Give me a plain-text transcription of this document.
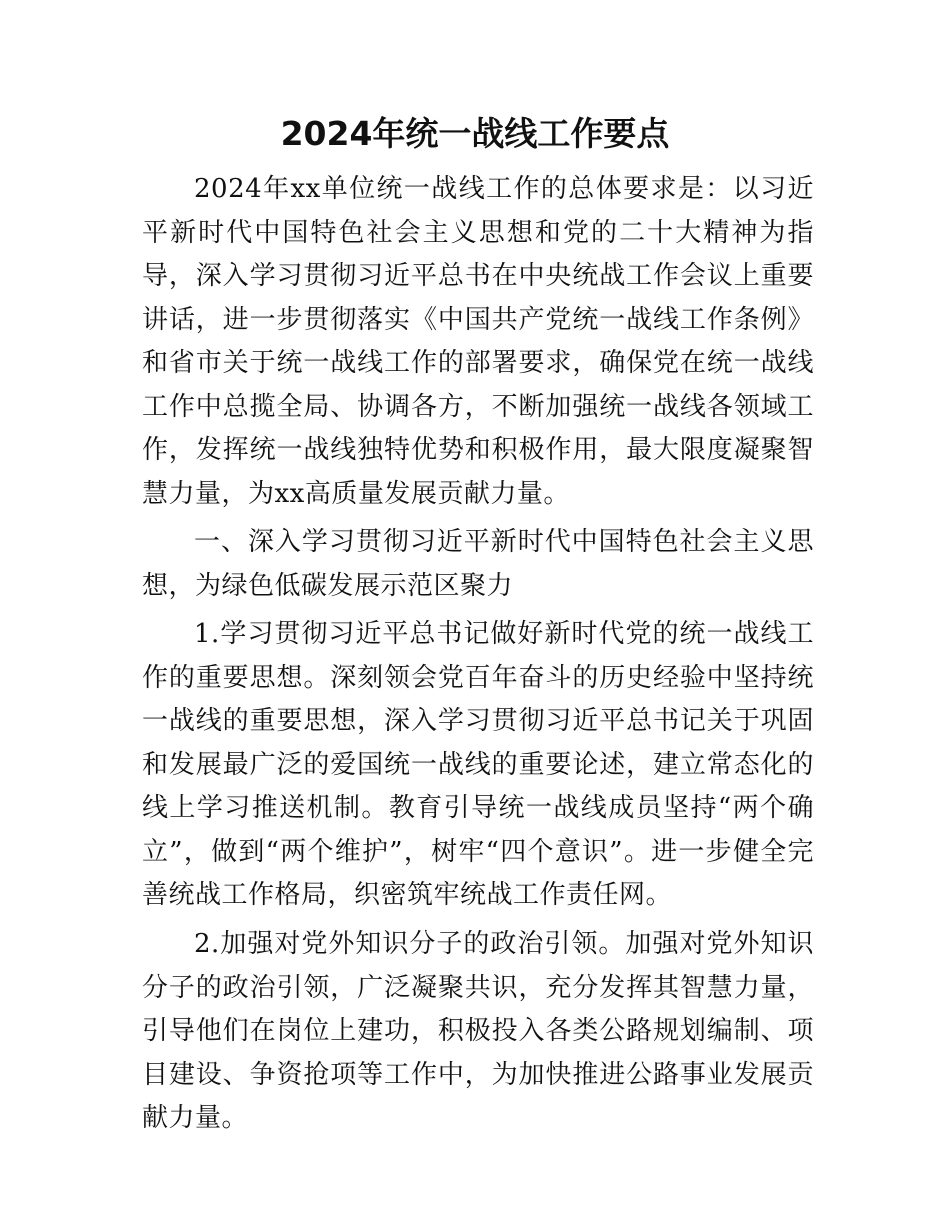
2024年统一战线工作要点
2024年xx单位统一战线工作的总体要求是：以习近平新时代中国特色社会主义思想和党的二十大精神为指导，深入学习贯彻习近平总书在中央统战工作会议上重要讲话，进一步贯彻落实《中国共产党统一战线工作条例》和省市关于统一战线工作的部署要求，确保党在统一战线工作中总揽全局、协调各方，不断加强统一战线各领域工作，发挥统一战线独特优势和积极作用，最大限度凝聚智慧力量，为xx高质量发展贡献力量。
一、深入学习贯彻习近平新时代中国特色社会主义思想，为绿色低碳发展示范区聚力
1.学习贯彻习近平总书记做好新时代党的统一战线工作的重要思想。深刻领会党百年奋斗的历史经验中坚持统一战线的重要思想，深入学习贯彻习近平总书记关于巩固和发展最广泛的爱国统一战线的重要论述，建立常态化的线上学习推送机制。教育引导统一战线成员坚持“两个确立”，做到“两个维护”，树牢“四个意识”。进一步健全完善统战工作格局，织密筑牢统战工作责任网。
2.加强对党外知识分子的政治引领。加强对党外知识分子的政治引领，广泛凝聚共识，充分发挥其智慧力量，引导他们在岗位上建功，积极投入各类公路规划编制、项目建设、争资抢项等工作中，为加快推进公路事业发展贡献力量。
